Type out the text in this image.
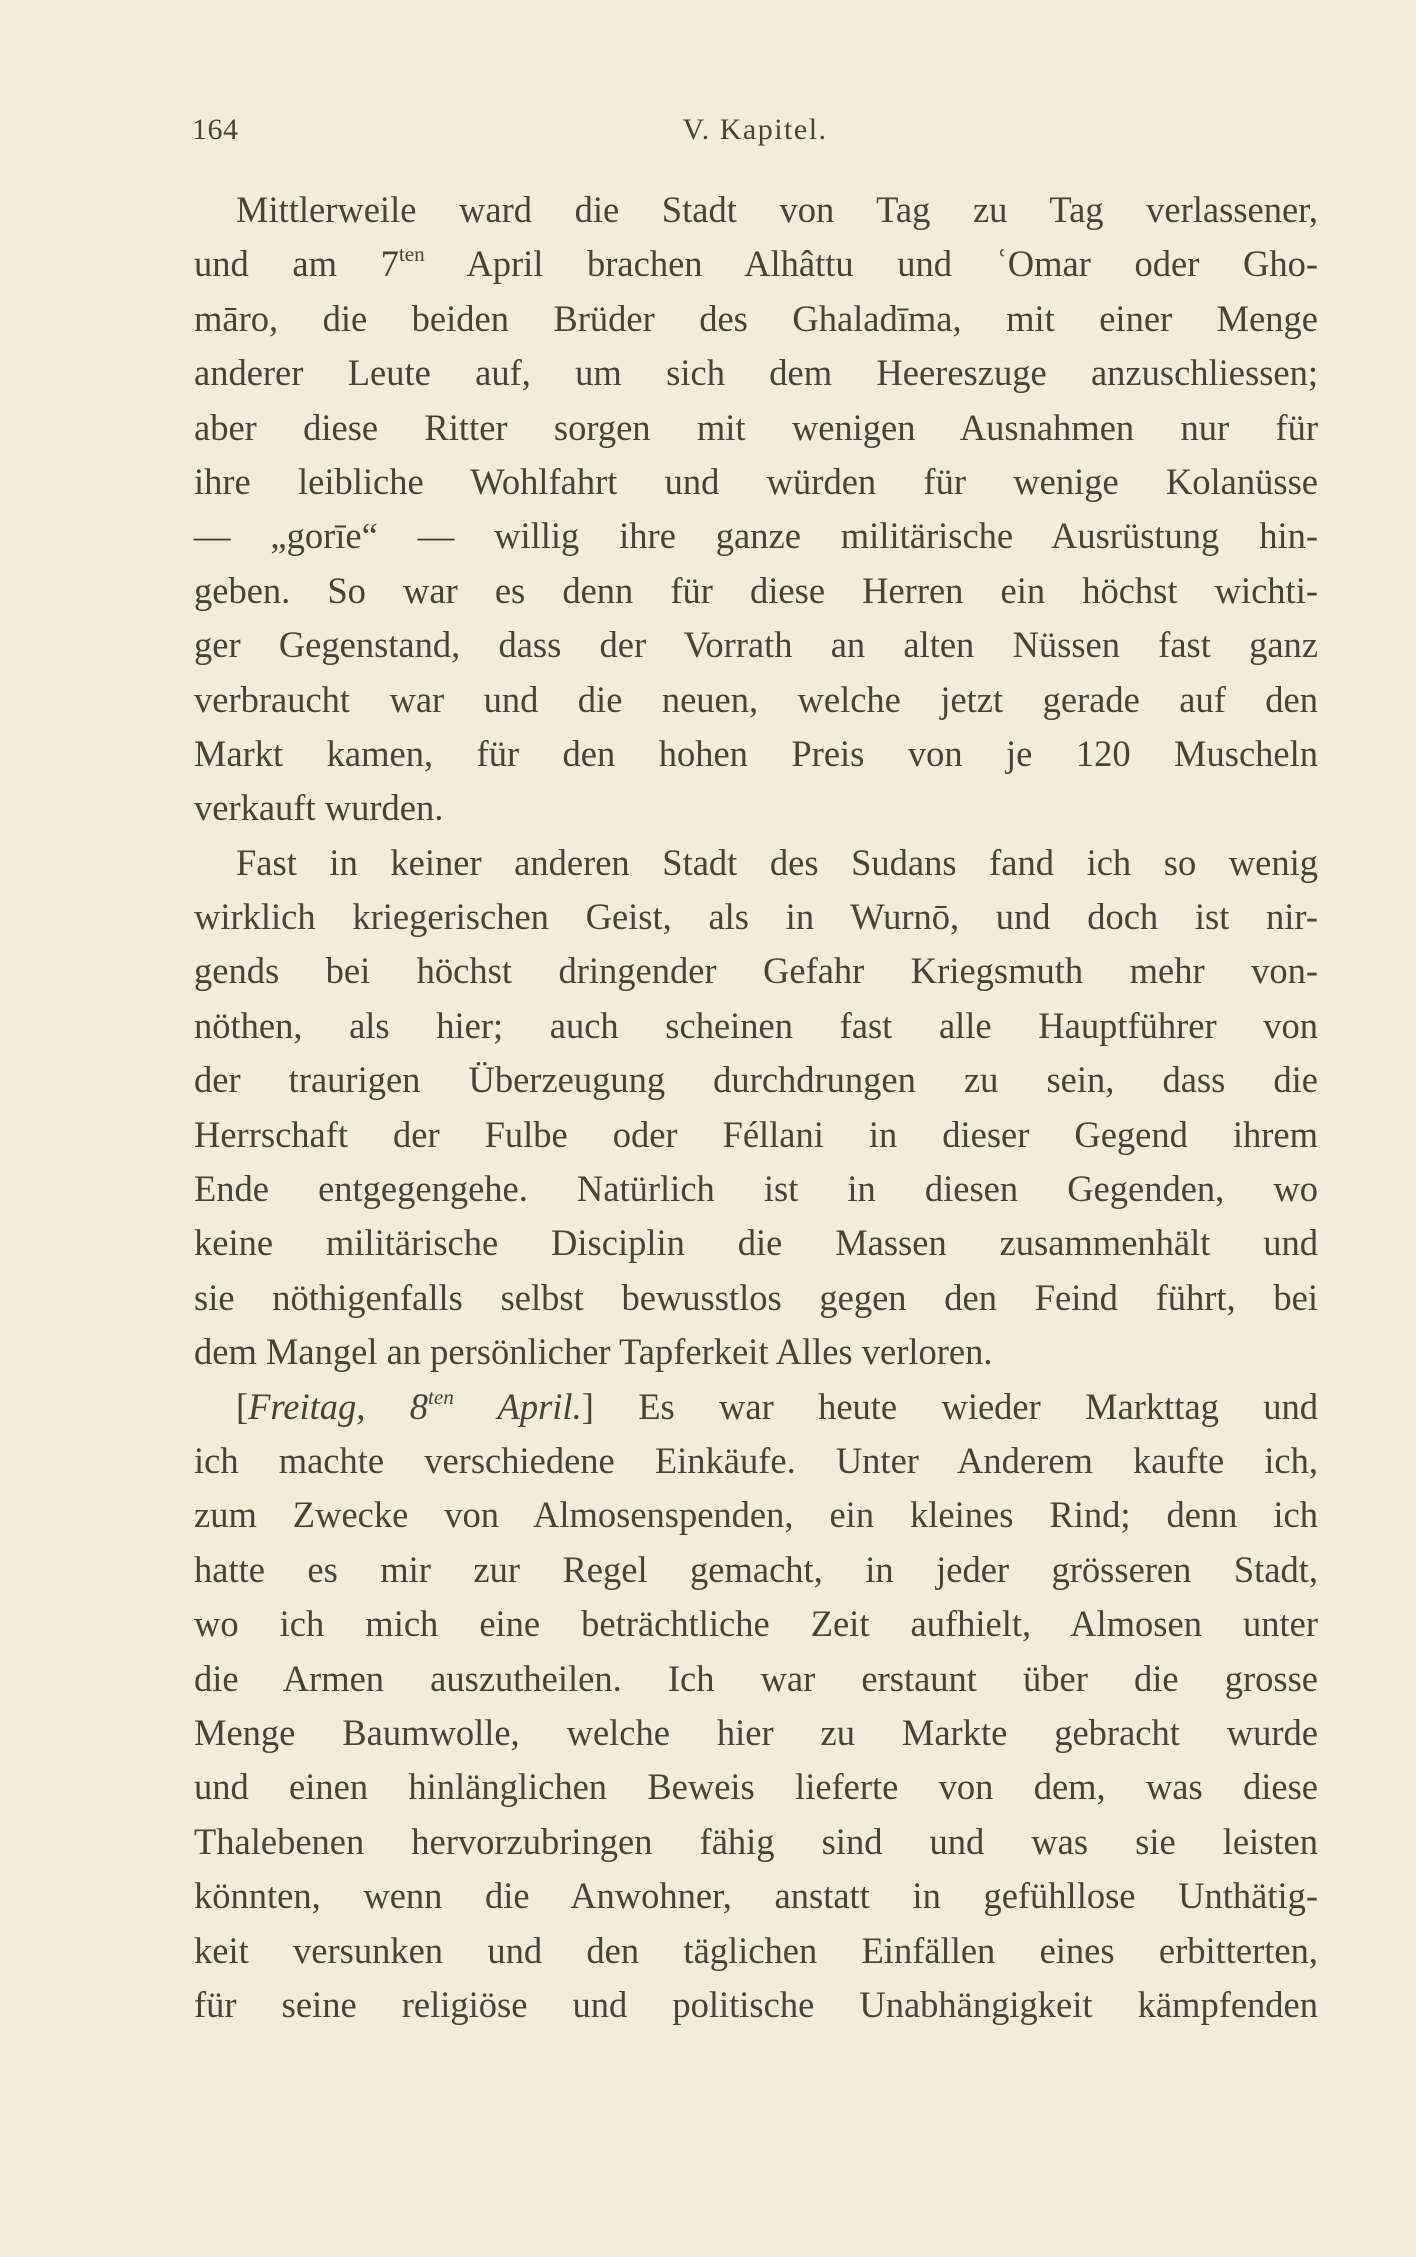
164	V. Kapitel.
Mittlerweile ward die Stadt von Tag zu Tag verlassener,
und am $7^{ten}$ April brachen Alhâttu und ʿOmar oder Gho-
māro, die beiden Brüder des Ghaladīma, mit einer Menge
anderer Leute auf, um sich dem Heereszuge anzuschliessen;
aber diese Ritter sorgen mit wenigen Ausnahmen nur für
ihre leibliche Wohlfahrt und würden für wenige Kolanüsse
— „gorīe“ — willig ihre ganze militärische Ausrüstung hin-
geben. So war es denn für diese Herren ein höchst wichti-
ger Gegenstand, dass der Vorrath an alten Nüssen fast ganz
verbraucht war und die neuen, welche jetzt gerade auf den
Markt kamen, für den hohen Preis von je 120 Muscheln
verkauft wurden.
Fast in keiner anderen Stadt des Sudans fand ich so wenig
wirklich kriegerischen Geist, als in Wurnō, und doch ist nir-
gends bei höchst dringender Gefahr Kriegsmuth mehr von-
nöthen, als hier; auch scheinen fast alle Hauptführer von
der traurigen Überzeugung durchdrungen zu sein, dass die
Herrschaft der Fulbe oder Féllani in dieser Gegend ihrem
Ende entgegengehe. Natürlich ist in diesen Gegenden, wo
keine militärische Disciplin die Massen zusammenhält und
sie nöthigenfalls selbst bewusstlos gegen den Feind führt, bei
dem Mangel an persönlicher Tapferkeit Alles verloren.
[Freitag, $8^{ten}$ April.] Es war heute wieder Markttag und
ich machte verschiedene Einkäufe. Unter Anderem kaufte ich,
zum Zwecke von Almosenspenden, ein kleines Rind; denn ich
hatte es mir zur Regel gemacht, in jeder grösseren Stadt,
wo ich mich eine beträchtliche Zeit aufhielt, Almosen unter
die Armen auszutheilen. Ich war erstaunt über die grosse
Menge Baumwolle, welche hier zu Markte gebracht wurde
und einen hinlänglichen Beweis lieferte von dem, was diese
Thalebenen hervorzubringen fähig sind und was sie leisten
könnten, wenn die Anwohner, anstatt in gefühllose Unthätig-
keit versunken und den täglichen Einfällen eines erbitterten,
für seine religiöse und politische Unabhängigkeit kämpfenden
